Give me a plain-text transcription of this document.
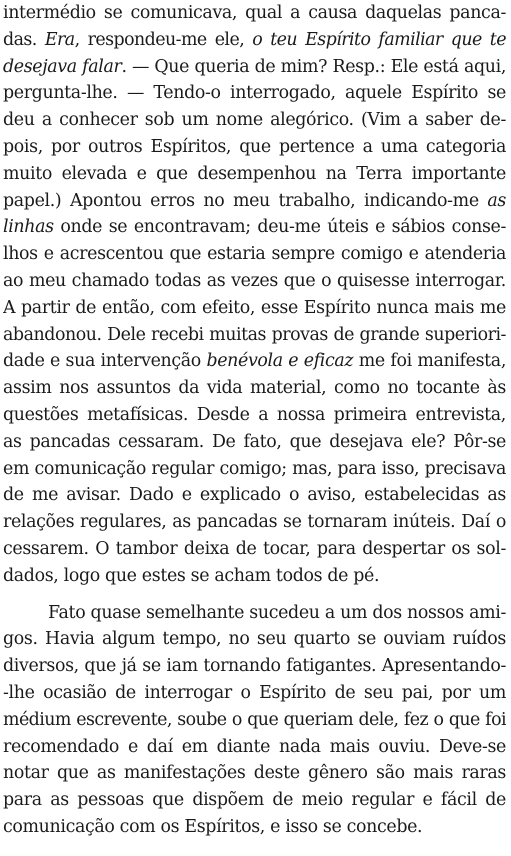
intermédio se comunicava, qual a causa daquelas panca-
das. Era, respondeu-me ele, o teu Espírito familiar que te
desejava falar. — Que queria de mim? Resp.: Ele está aqui,
pergunta-lhe. — Tendo-o interrogado, aquele Espírito se
deu a conhecer sob um nome alegórico. (Vim a saber de-
pois, por outros Espíritos, que pertence a uma categoria
muito elevada e que desempenhou na Terra importante
papel.) Apontou erros no meu trabalho, indicando-me as
linhas onde se encontravam; deu-me úteis e sábios conse-
lhos e acrescentou que estaria sempre comigo e atenderia
ao meu chamado todas as vezes que o quisesse interrogar.
A partir de então, com efeito, esse Espírito nunca mais me
abandonou. Dele recebi muitas provas de grande superiori-
dade e sua intervenção benévola e eficaz me foi manifesta,
assim nos assuntos da vida material, como no tocante às
questões metafísicas. Desde a nossa primeira entrevista,
as pancadas cessaram. De fato, que desejava ele? Pôr-se
em comunicação regular comigo; mas, para isso, precisava
de me avisar. Dado e explicado o aviso, estabelecidas as
relações regulares, as pancadas se tornaram inúteis. Daí o
cessarem. O tambor deixa de tocar, para despertar os sol-
dados, logo que estes se acham todos de pé.
Fato quase semelhante sucedeu a um dos nossos ami-
gos. Havia algum tempo, no seu quarto se ouviam ruídos
diversos, que já se iam tornando fatigantes. Apresentando-
-lhe ocasião de interrogar o Espírito de seu pai, por um
médium escrevente, soube o que queriam dele, fez o que foi
recomendado e daí em diante nada mais ouviu. Deve-se
notar que as manifestações deste gênero são mais raras
para as pessoas que dispõem de meio regular e fácil de
comunicação com os Espíritos, e isso se concebe.
